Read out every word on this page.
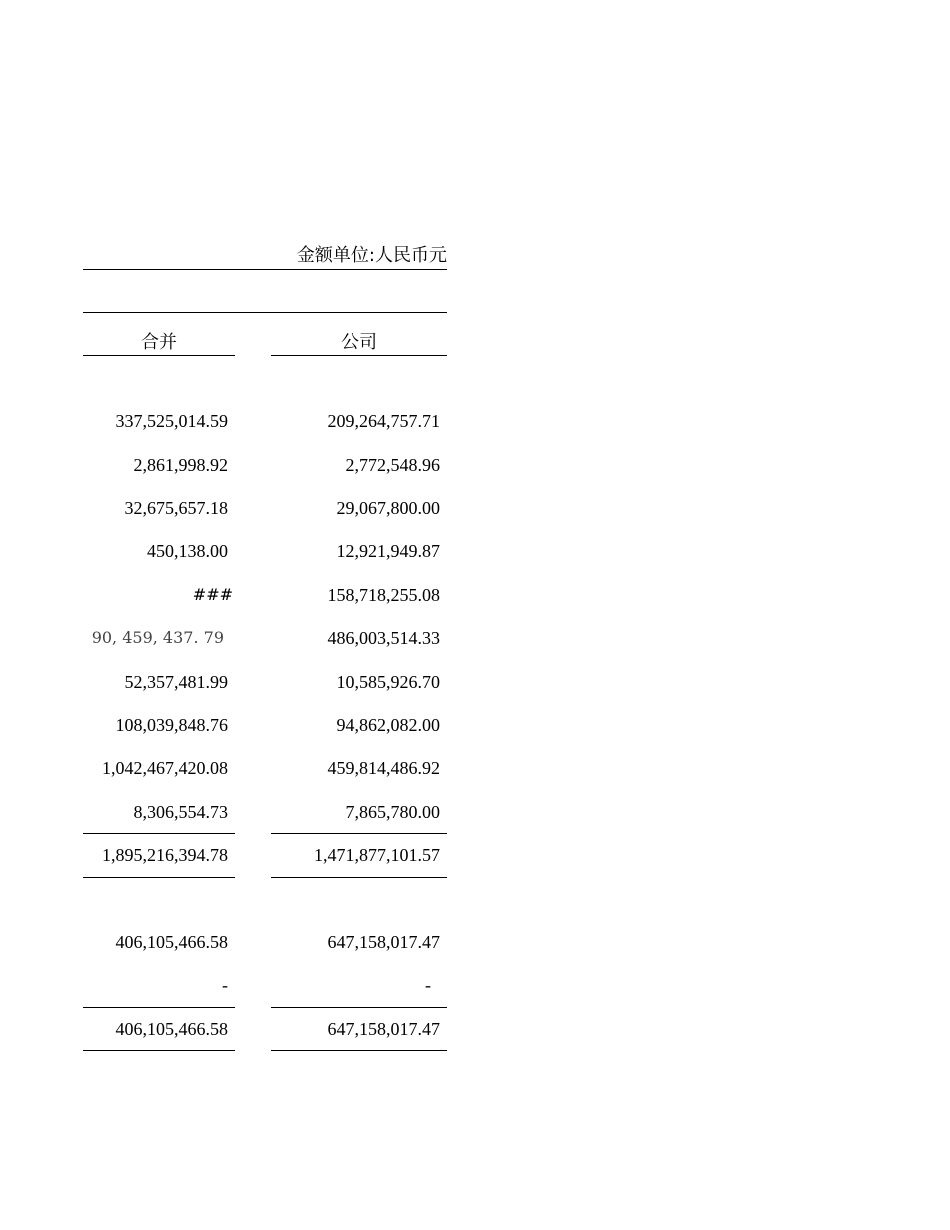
金额单位:人民币元
合并	公司
337,525,014.59	209,264,757.71
2,861,998.92	2,772,548.96
32,675,657.18	29,067,800.00
450,138.00	12,921,949.87
###	158,718,255.08
90, 459, 437. 79	486,003,514.33
52,357,481.99	10,585,926.70
108,039,848.76	94,862,082.00
1,042,467,420.08	459,814,486.92
8,306,554.73	7,865,780.00
1,895,216,394.78	1,471,877,101.57
406,105,466.58	647,158,017.47
-	-
406,105,466.58	647,158,017.47
